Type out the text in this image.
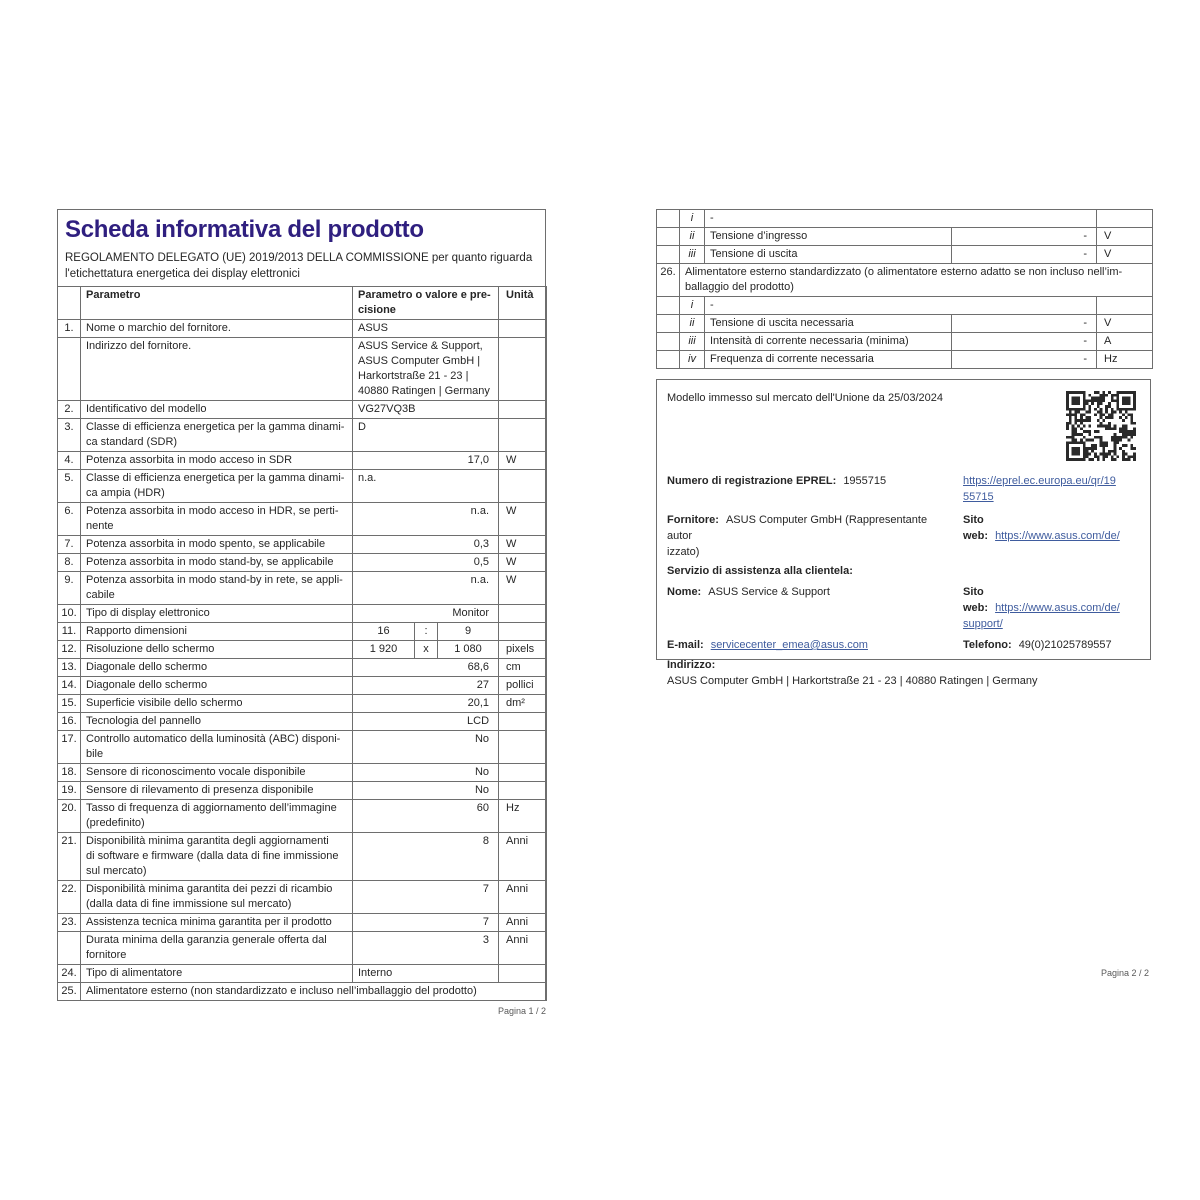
Scheda informativa del prodotto

REGOLAMENTO DELEGATO (UE) 2019/2013 DELLA COMMISSIONE per quanto riguarda
l'etichettatura energetica dei display elettronici

	Parametro	Parametro o valore e pre-
cisione			Unità
1.	Nome o marchio del fornitore.	ASUS			
	Indirizzo del fornitore.	ASUS Service & Support,
ASUS Computer GmbH |
Harkortstraße 21 - 23 |
40880 Ratingen | Germany			
2.	Identificativo del modello	VG27VQ3B			
3.	Classe di efficienza energetica per la gamma dinami-
ca standard (SDR)	D			
4.	Potenza assorbita in modo acceso in SDR	17,0			W
5.	Classe di efficienza energetica per la gamma dinami-
ca ampia (HDR)	n.a.			
6.	Potenza assorbita in modo acceso in HDR, se perti-
nente	n.a.			W
7.	Potenza assorbita in modo spento, se applicabile	0,3			W
8.	Potenza assorbita in modo stand-by, se applicabile	0,5			W
9.	Potenza assorbita in modo stand-by in rete, se appli-
cabile	n.a.			W
10.	Tipo di display elettronico	Monitor			
11.	Rapporto dimensioni	16	:	9	
12.	Risoluzione dello schermo	1 920	x	1 080	pixels
13.	Diagonale dello schermo	68,6			cm
14.	Diagonale dello schermo	27			pollici
15.	Superficie visibile dello schermo	20,1			dm²
16.	Tecnologia del pannello	LCD			
17.	Controllo automatico della luminosità (ABC) disponi-
bile	No			
18.	Sensore di riconoscimento vocale disponibile	No			
19.	Sensore di rilevamento di presenza disponibile	No			
20.	Tasso di frequenza di aggiornamento dell’immagine
(predefinito)	60			Hz
21.	Disponibilità minima garantita degli aggiornamenti
di software e firmware (dalla data di fine immissione
sul mercato)	8			Anni
22.	Disponibilità minima garantita dei pezzi di ricambio
(dalla data di fine immissione sul mercato)	7			Anni
23.	Assistenza tecnica minima garantita per il prodotto	7			Anni
	Durata minima della garanzia generale offerta dal
fornitore	3			Anni
24.	Tipo di alimentatore	Interno			
25.	Alimentatore esterno (non standardizzato e incluso nell’imballaggio del prodotto)				
Pagina 1 / 2
	i	-		
	ii	Tensione d’ingresso	-	V
	iii	Tensione di uscita	-	V
26.	Alimentatore esterno standardizzato (o alimentatore esterno adatto se non incluso nell’im-
ballaggio del prodotto)			
	i	-		
	ii	Tensione di uscita necessaria	-	V
	iii	Intensità di corrente necessaria (minima)	-	A
	iv	Frequenza di corrente necessaria	-	Hz
Modello immesso sul mercato dell'Unione da 25/03/2024
Numero di registrazione EPREL: 1955715	https://eprel.ec.europa.eu/qr/19
55715
Fornitore: ASUS Computer GmbH (Rappresentante autor
izzato)
Sito web: https://www.asus.com/de/
Servizio di assistenza alla clientela:
Nome: ASUS Service & Support	Sito web: https://www.asus.com/de/
support/
E-mail: servicecenter_emea@asus.com	Telefono: 49(0)21025789557
Indirizzo:
ASUS Computer GmbH | Harkortstraße 21 - 23 | 40880 Ratingen | Germany
Pagina 2 / 2
